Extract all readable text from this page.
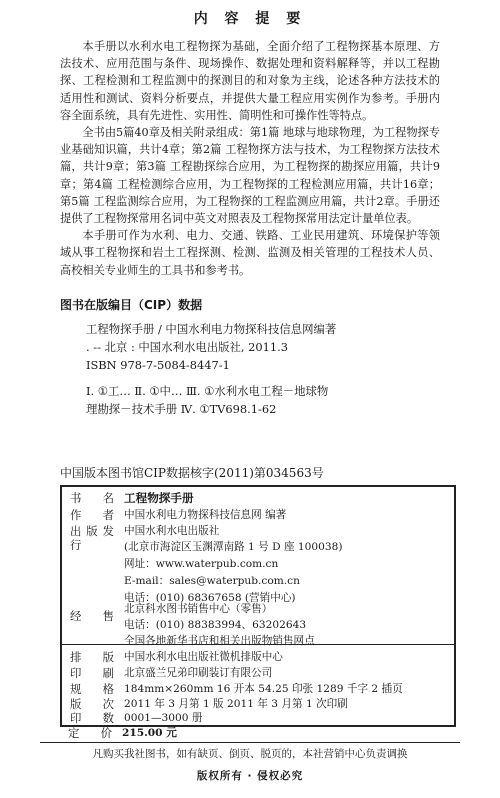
内 容 提 要

本手册以水利水电工程物探为基础，全面介绍了工程物探基本原理、方法技术、应用范围与条件、现场操作、数据处理和资料解释等，并以工程勘探、工程检测和工程监测中的探测目的和对象为主线，论述各种方法技术的适用性和测试、资料分析要点，并提供大量工程应用实例作为参考。手册内容全面系统，具有先进性、实用性、简明性和可操作性等特点。

全书由5篇40章及相关附录组成：第1篇 地球与地球物理，为工程物探专业基础知识篇，共计4章；第2篇 工程物探方法与技术，为工程物探方法技术篇，共计9章；第3篇 工程勘探综合应用，为工程物探的勘探应用篇，共计9章；第4篇 工程检测综合应用，为工程物探的工程检测应用篇，共计16章；第5篇 工程监测综合应用，为工程物探的工程监测应用篇，共计2章。手册还提供了工程物探常用名词中英文对照表及工程物探常用法定计量单位表。

本手册可作为水利、电力、交通、铁路、工业民用建筑、环境保护等领域从事工程物探和岩土工程探测、检测、监测及相关管理的工程技术人员、高校相关专业师生的工具书和参考书。

图书在版编目（CIP）数据
工程物探手册 / 中国水利电力物探科技信息网编著
. -- 北京 : 中国水利水电出版社, 2011.3
ISBN 978-7-5084-8447-1
Ⅰ. ①工… Ⅱ. ①中… Ⅲ. ①水利水电工程－地球物
理勘探－技术手册 Ⅳ. ①TV698.1-62
中国版本图书馆CIP数据核字(2011)第034563号
书 名 工程物探手册
作 者 中国水利电力物探科技信息网 编著
出版发行
中国水利水电出版社
(北京市海淀区玉渊潭南路 1 号 D 座 100038)
网址：www.waterpub.com.cn
E-mail：sales@waterpub.com.cn
电话：(010) 68367658 (营销中心)
经 售 北京科水图书销售中心（零售）
电话：(010) 88383994、63202643
全国各地新华书店和相关出版物销售网点
排 版 中国水利水电出版社微机排版中心
印 刷 北京盛兰兄弟印刷装订有限公司
规 格 184mm×260mm 16 开本 54.25 印张 1289 千字 2 插页
版 次 2011 年 3 月第 1 版 2011 年 3 月第 1 次印刷
印 数 0001—3000 册
定 价 215.00 元
凡购买我社图书，如有缺页、倒页、脱页的，本社营销中心负责调换
版权所有 · 侵权必究
